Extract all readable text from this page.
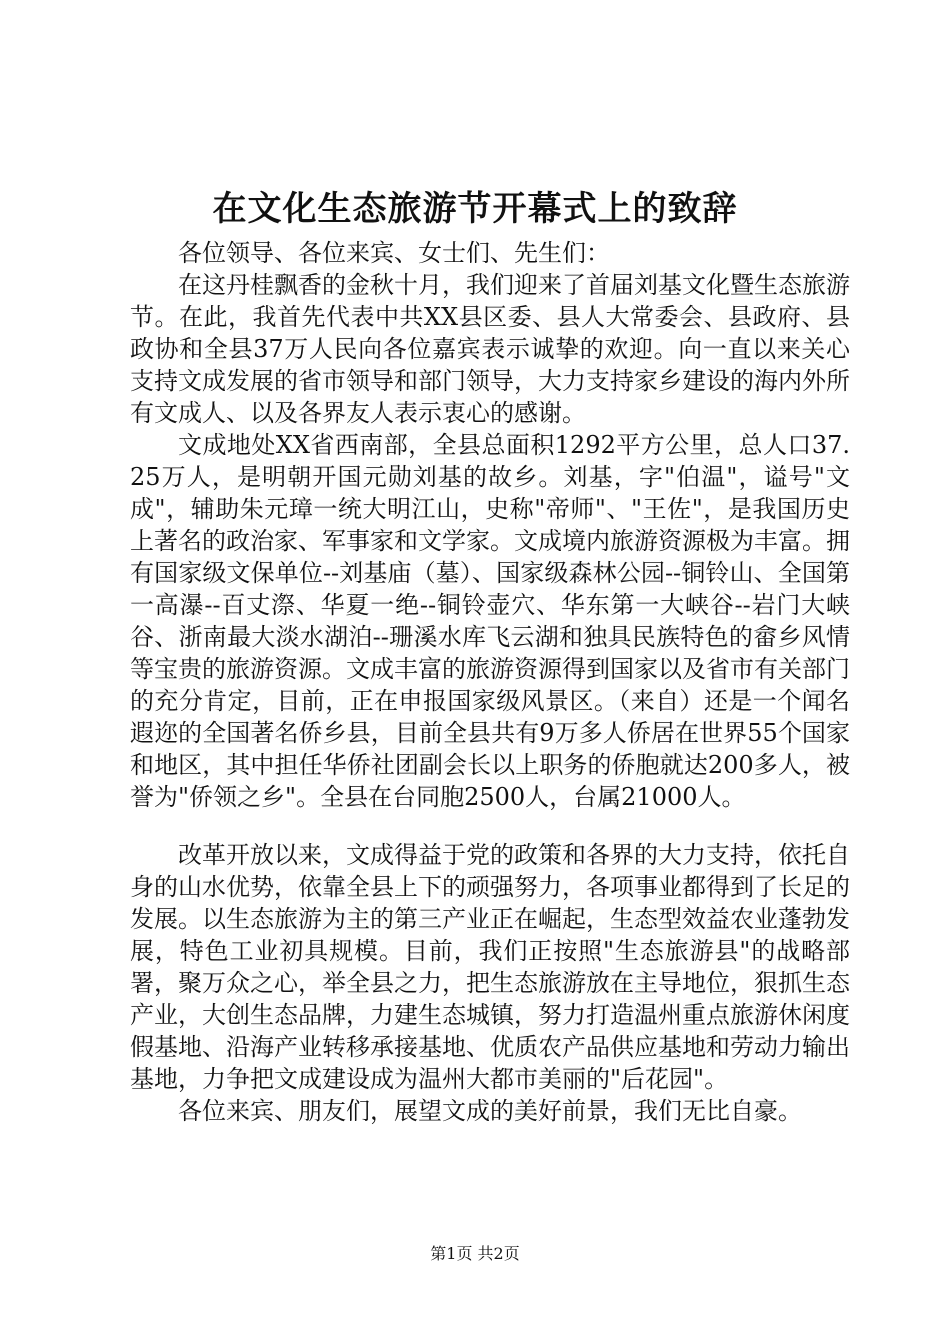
在文化生态旅游节开幕式上的致辞

各位领导、各位来宾、女士们、先生们：

在这丹桂飘香的金秋十月，我们迎来了首届刘基文化暨生态旅游节。在此，我首先代表中共XX县区委、县人大常委会、县政府、县政协和全县37万人民向各位嘉宾表示诚挚的欢迎。向一直以来关心支持文成发展的省市领导和部门领导，大力支持家乡建设的海内外所有文成人、以及各界友人表示衷心的感谢。

文成地处XX省西南部，全县总面积1292平方公里，总人口37.25万人，是明朝开国元勋刘基的故乡。刘基，字"伯温"，谥号"文成"，辅助朱元璋一统大明江山，史称"帝师"、"王佐"，是我国历史上著名的政治家、军事家和文学家。文成境内旅游资源极为丰富。拥有国家级文保单位--刘基庙（墓）、国家级森林公园--铜铃山、全国第一高瀑--百丈漈、华夏一绝--铜铃壶穴、华东第一大峡谷--岩门大峡谷、浙南最大淡水湖泊--珊溪水库飞云湖和独具民族特色的畲乡风情等宝贵的旅游资源。文成丰富的旅游资源得到国家以及省市有关部门的充分肯定，目前，正在申报国家级风景区。（来自）还是一个闻名遐迩的全国著名侨乡县，目前全县共有9万多人侨居在世界55个国家和地区，其中担任华侨社团副会长以上职务的侨胞就达200多人，被誉为"侨领之乡"。全县在台同胞2500人，台属21000人。

改革开放以来，文成得益于党的政策和各界的大力支持，依托自身的山水优势，依靠全县上下的顽强努力，各项事业都得到了长足的发展。以生态旅游为主的第三产业正在崛起，生态型效益农业蓬勃发展，特色工业初具规模。目前，我们正按照"生态旅游县"的战略部署，聚万众之心，举全县之力，把生态旅游放在主导地位，狠抓生态产业，大创生态品牌，力建生态城镇，努力打造温州重点旅游休闲度假基地、沿海产业转移承接基地、优质农产品供应基地和劳动力输出基地，力争把文成建设成为温州大都市美丽的"后花园"。

各位来宾、朋友们，展望文成的美好前景，我们无比自豪。

第1页 共2页
